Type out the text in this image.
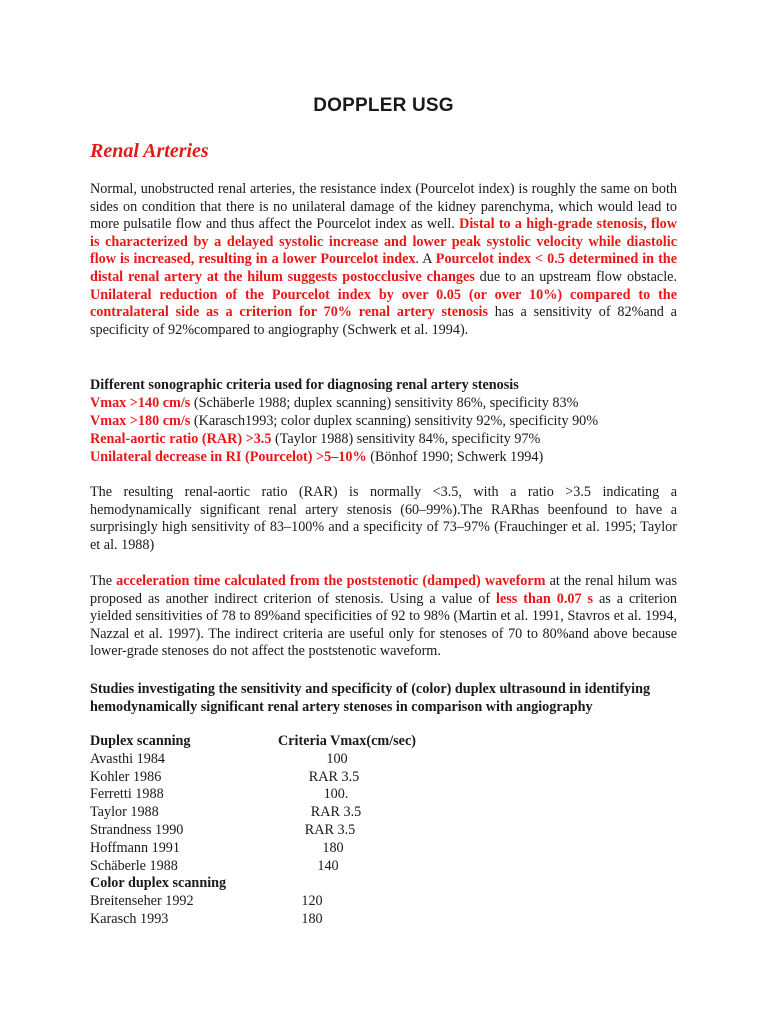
DOPPLER USG
Renal Arteries
Normal, unobstructed renal arteries, the resistance index (Pourcelot index) is roughly the same on both sides on condition that there is no unilateral damage of the kidney parenchyma, which would lead to more pulsatile flow and thus affect the Pourcelot index as well. Distal to a high-grade stenosis, flow is characterized by a delayed systolic increase and lower peak systolic velocity while diastolic flow is increased, resulting in a lower Pourcelot index. A Pourcelot index < 0.5 determined in the distal renal artery at the hilum suggests postocclusive changes due to an upstream flow obstacle. Unilateral reduction of the Pourcelot index by over 0.05 (or over 10%) compared to the contralateral side as a criterion for 70% renal artery stenosis has a sensitivity of 82%and a specificity of 92%compared to angiography (Schwerk et al. 1994).
Different sonographic criteria used for diagnosing renal artery stenosis
Vmax >140 cm/s (Schäberle 1988; duplex scanning) sensitivity 86%, specificity 83%
Vmax >180 cm/s (Karasch1993; color duplex scanning) sensitivity 92%, specificity 90%
Renal-aortic ratio (RAR) >3.5 (Taylor 1988) sensitivity 84%, specificity 97%
Unilateral decrease in RI (Pourcelot) >5–10% (Bönhof 1990; Schwerk 1994)
The resulting renal-aortic ratio (RAR) is normally <3.5, with a ratio >3.5 indicating a hemodynamically significant renal artery stenosis (60–99%).The RARhas beenfound to have a surprisingly high sensitivity of 83–100% and a specificity of 73–97% (Frauchinger et al. 1995; Taylor et al. 1988)
The acceleration time calculated from the poststenotic (damped) waveform at the renal hilum was proposed as another indirect criterion of stenosis. Using a value of less than 0.07 s as a criterion yielded sensitivities of 78 to 89%and specificities of 92 to 98% (Martin et al. 1991, Stavros et al. 1994, Nazzal et al. 1997). The indirect criteria are useful only for stenoses of 70 to 80%and above because lower-grade stenoses do not affect the poststenotic waveform.
Studies investigating the sensitivity and specificity of (color) duplex ultrasound in identifying hemodynamically significant renal artery stenoses in comparison with angiography
Duplex scanning	Criteria Vmax(cm/sec)
Avasthi 1984	100
Kohler 1986	RAR 3.5
Ferretti 1988	100.
Taylor 1988	RAR 3.5
Strandness 1990	RAR 3.5
Hoffmann 1991	180
Schäberle 1988	140
Color duplex scanning
Breitenseher 1992	120
Karasch 1993	180
